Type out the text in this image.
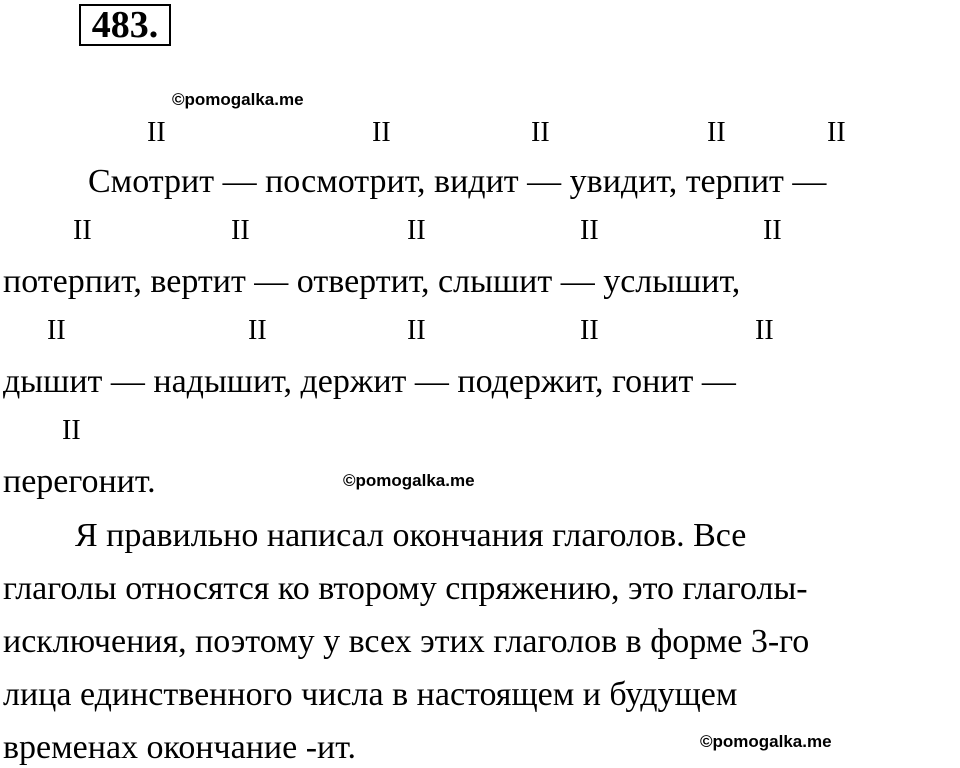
483.
©pomogalka.me
©pomogalka.me
©pomogalka.me
II	II	II	II	II
Смотрит — посмотрит, видит — увидит, терпит —
II	II	II	II	II
потерпит, вертит — отвертит, слышит — услышит,
II	II	II	II	II
дышит — надышит, держит — подержит, гонит —
II
перегонит.
Я правильно написал окончания глаголов. Все
глаголы относятся ко второму спряжению, это глаголы-
исключения, поэтому у всех этих глаголов в форме 3-го
лица единственного числа в настоящем и будущем
временах окончание -ит.
